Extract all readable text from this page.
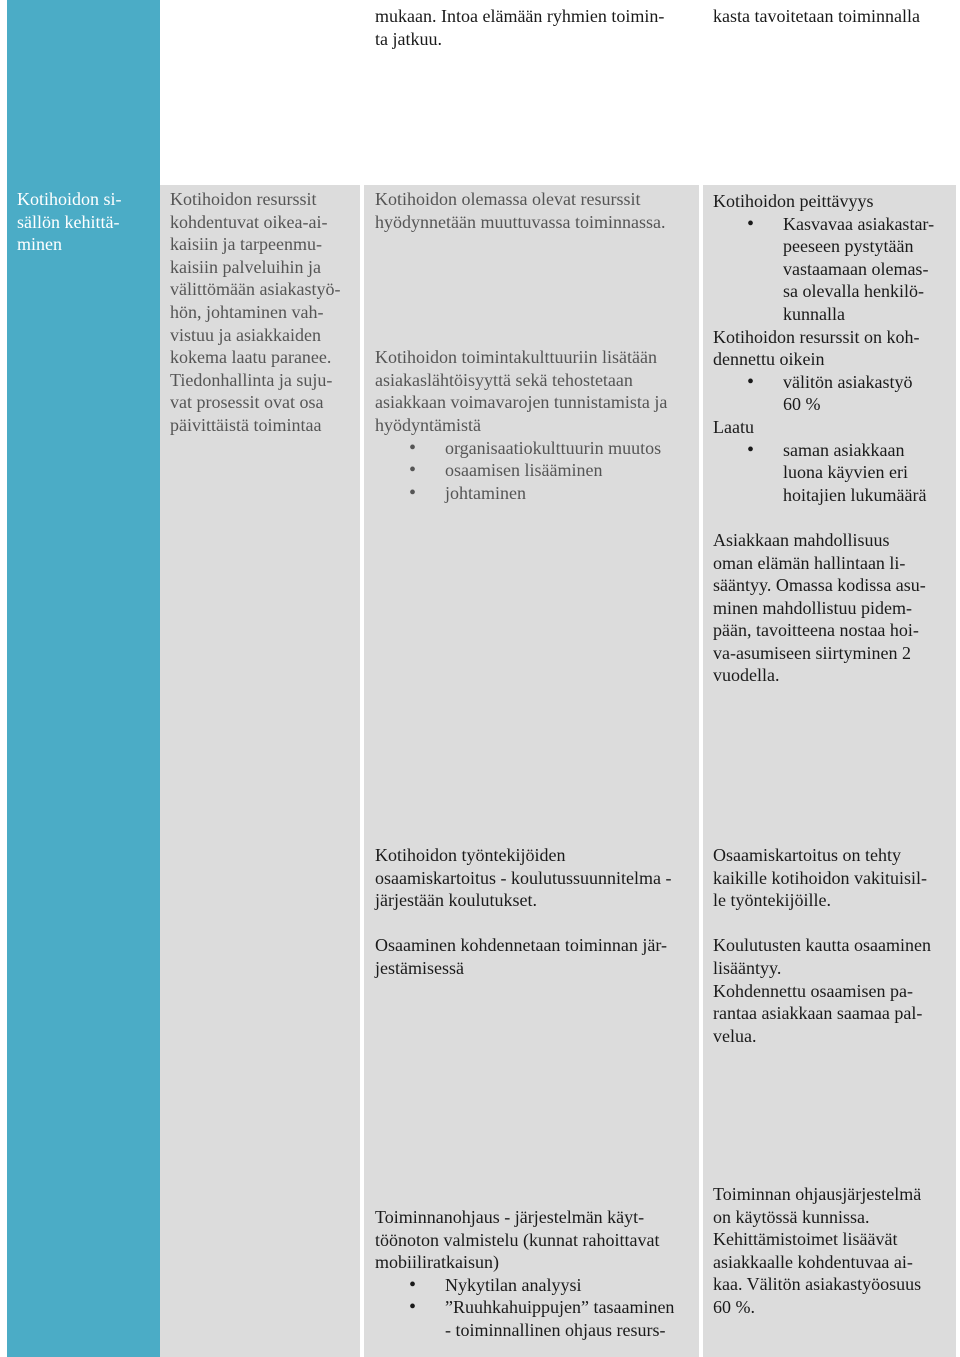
mukaan. Intoa elämään ryhmien toimin-
ta jatkuu.
kasta tavoitetaan toiminnalla
Kotihoidon si-
sällön kehittä-
minen
Kotihoidon resurssit
kohdentuvat oikea-ai-
kaisiin ja tarpeenmu-
kaisiin palveluihin ja
välittömään asiakastyö-
hön, johtaminen vah-
vistuu ja asiakkaiden
kokema laatu paranee.
Tiedonhallinta ja suju-
vat prosessit ovat osa
päivittäistä toimintaa
Kotihoidon olemassa olevat resurssit
hyödynnetään muuttuvassa toiminnassa.
Kotihoidon toimintakulttuuriin lisätään
asiakaslähtöisyyttä sekä tehostetaan
asiakkaan voimavarojen tunnistamista ja
hyödyntämistä
• organisaatiokulttuurin muutos
• osaamisen lisääminen
• johtaminen
Kotihoidon peittävyys
• Kasvavaa asiakastar-
peeseen pystytään
vastaamaan olemas-
sa olevalla henkilö-
kunnalla
Kotihoidon resurssit on koh-
dennettu oikein
• välitön asiakastyö
60 %
Laatu
• saman asiakkaan
luona käyvien eri
hoitajien lukumäärä
Asiakkaan mahdollisuus
oman elämän hallintaan li-
sääntyy. Omassa kodissa asu-
minen mahdollistuu pidem-
pään, tavoitteena nostaa hoi-
va-asumiseen siirtyminen 2
vuodella.
Kotihoidon työntekijöiden
osaamiskartoitus - koulutussuunnitelma -
järjestään koulutukset.
Osaaminen kohdennetaan toiminnan jär-
jestämisessä
Osaamiskartoitus on tehty
kaikille kotihoidon vakituisil-
le työntekijöille.
Koulutusten kautta osaaminen
lisääntyy.
Kohdennettu osaamisen pa-
rantaa asiakkaan saamaa pal-
velua.
Toiminnanohjaus - järjestelmän käyt-
töönoton valmistelu (kunnat rahoittavat
mobiiliratkaisun)
• Nykytilan analyysi
• ”Ruuhkahuippujen” tasaaminen
- toiminnallinen ohjaus resurs-
Toiminnan ohjausjärjestelmä
on käytössä kunnissa.
Kehittämistoimet lisäävät
asiakkaalle kohdentuvaa ai-
kaa. Välitön asiakastyöosuus
60 %.
